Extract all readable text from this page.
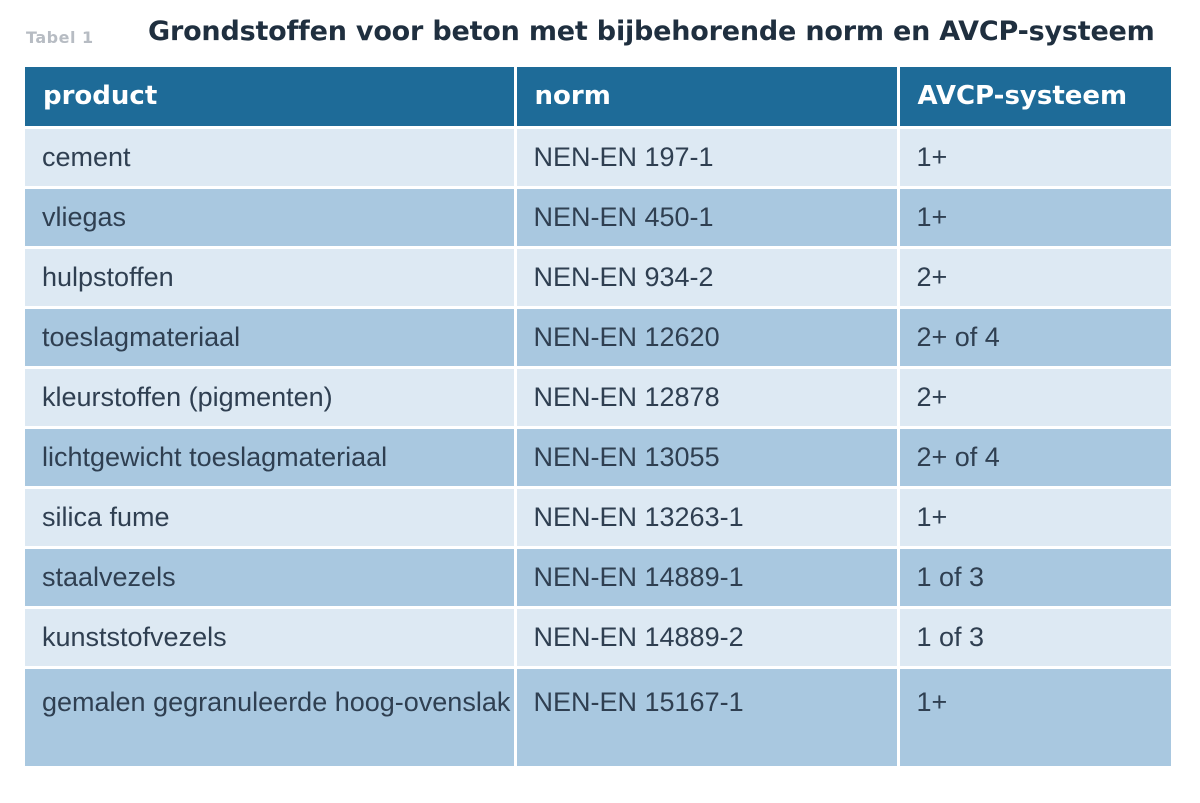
Tabel 1 Grondstoffen voor beton met bijbehorende norm en AVCP-systeem
product	norm	AVCP-systeem
cement	NEN-EN 197-1	1+
vliegas	NEN-EN 450-1	1+
hulpstoffen	NEN-EN 934-2	2+
toeslagmateriaal	NEN-EN 12620	2+ of 4
kleurstoffen (pigmenten)	NEN-EN 12878	2+
lichtgewicht toeslagmateriaal	NEN-EN 13055	2+ of 4
silica fume	NEN-EN 13263-1	1+
staalvezels	NEN-EN 14889-1	1 of 3
kunststofvezels	NEN-EN 14889-2	1 of 3
gemalen gegranuleerde hoog-ovenslak	NEN-EN 15167-1	1+
